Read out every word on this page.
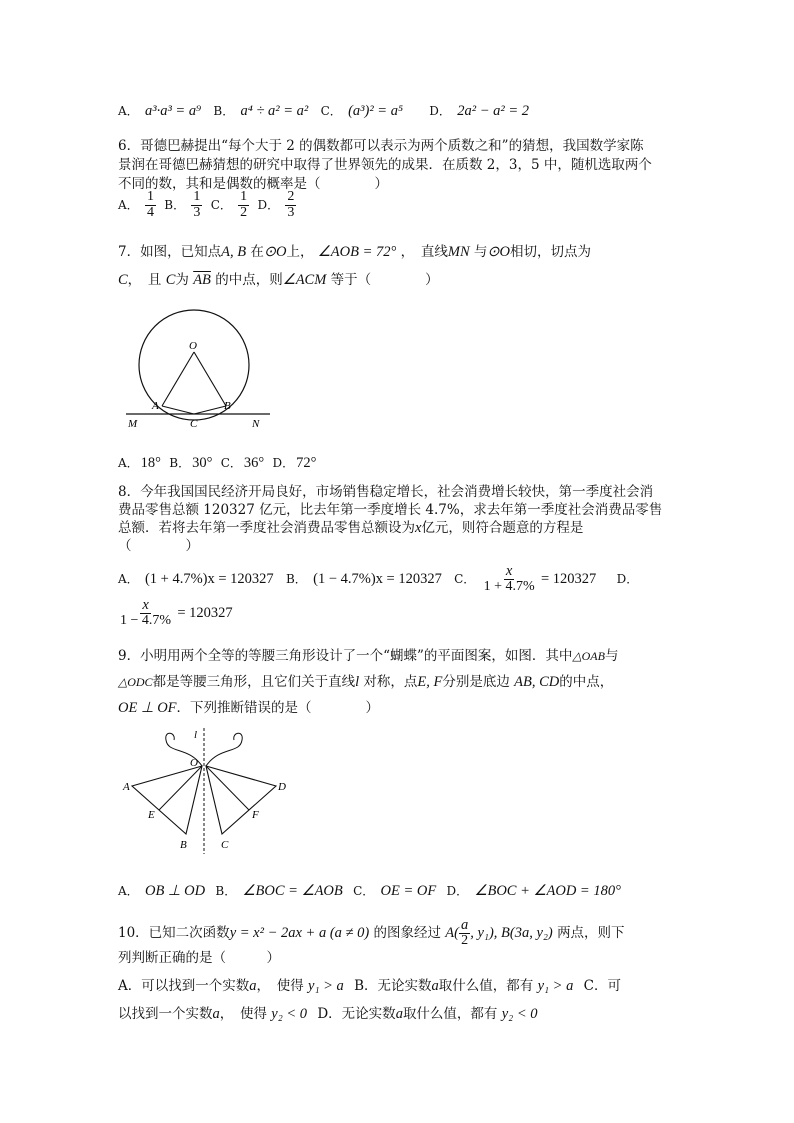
A． a³·a³ = a⁹ B． a⁴ ÷ a² = a² C． (a³)² = a⁵ D． 2a² − a² = 2
6．哥德巴赫提出“每个大于 2 的偶数都可以表示为两个质数之和”的猜想，我国数学家陈
景润在哥德巴赫猜想的研究中取得了世界领先的成果．在质数 2，3，5 中，随机选取两个
不同的数，其和是偶数的概率是（　　　　）
A． $\frac{1}{4}$ B． $\frac{1}{3}$ C． $\frac{1}{2}$ D． $\frac{2}{3}$
7．如图，已知点A, B 在⊙O上， ∠AOB = 72° ，　直线MN 与⊙O相切，切点为
C，　且 C为 $\overline{AB}$ 的中点，则∠ACM 等于（　　　　）
O
A	B
C
M	N
A． 18° B． 30° C． 36° D． 72°
8．今年我国国民经济开局良好，市场销售稳定增长，社会消费增长较快，第一季度社会消
费品零售总额 120327 亿元，比去年第一季度增长 4.7%，求去年第一季度社会消费品零售
总额．若将去年第一季度社会消费品零售总额设为x亿元，则符合题意的方程是
（　　　　）
A． (1 + 4.7%)x = 120327 B． (1 − 4.7%)x = 120327 C． $\frac{x}{1 + 4.7\%} = 120327$ D．
$\frac{x}{1 - 4.7\%} = 120327$
9．小明用两个全等的等腰三角形设计了一个“蝴蝶”的平面图案，如图．其中△OAB与
△ODC都是等腰三角形，且它们关于直线l 对称，点E, F分别是底边 AB, CD的中点，
OE ⊥ OF．下列推断错误的是（　　　　）
l
O
A	D
E	F
B	C
A． OB ⊥ OD B． ∠BOC = ∠AOB C． OE = OF D． ∠BOC + ∠AOD = 180°
10．已知二次函数y = x² − 2ax + a (a ≠ 0) 的图象经过 $A( \frac{a}{2}$ , y₁), B(3a, y₂) 两点，则下
列判断正确的是（　　　）
A．可以找到一个实数a，　使得 y₁ > a B．无论实数a取什么值，都有 y₁ > a C．可
以找到一个实数a，　使得 y₂ < 0 D．无论实数a取什么值，都有 y₂ < 0
